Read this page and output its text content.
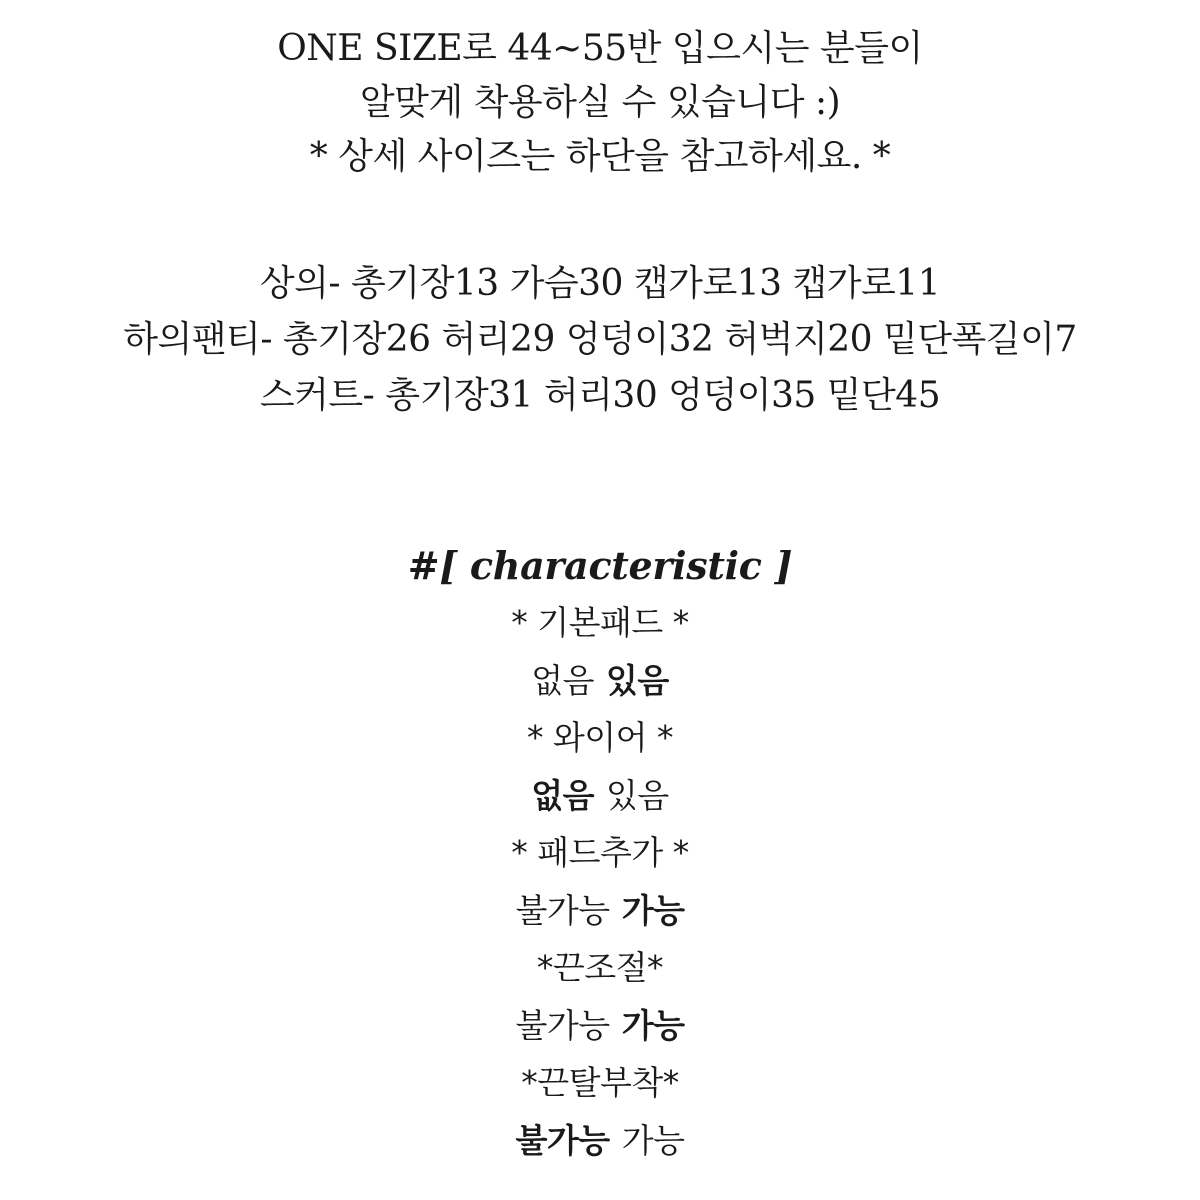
ONE SIZE로 44~55반 입으시는 분들이
알맞게 착용하실 수 있습니다 :)
* 상세 사이즈는 하단을 참고하세요. *
상의- 총기장13 가슴30 캡가로13 캡가로11
하의팬티- 총기장26 허리29 엉덩이32 허벅지20 밑단폭길이7
스커트- 총기장31 허리30 엉덩이35 밑단45
#[ characteristic ]
* 기본패드 *
없음 있음
* 와이어 *
없음 있음
* 패드추가 *
불가능 가능
*끈조절*
불가능 가능
*끈탈부착*
불가능 가능
